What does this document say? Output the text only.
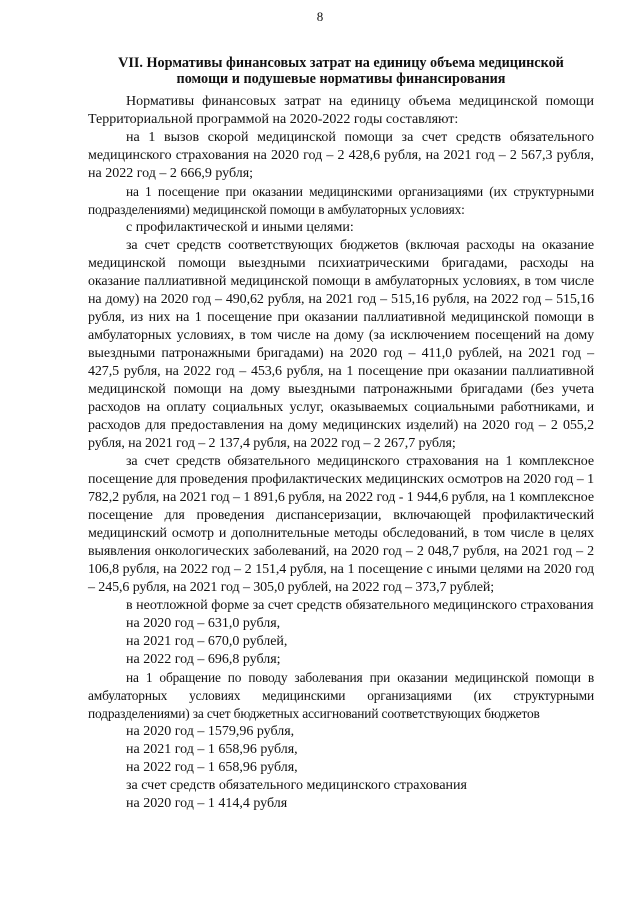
8
VII. Нормативы финансовых затрат на единицу объема медицинской
помощи и подушевые нормативы финансирования

Нормативы финансовых затрат на единицу объема медицинской помощи Территориальной программой на 2020-2022 годы составляют:

на 1 вызов скорой медицинской помощи за счет средств обязательного медицинского страхования на 2020 год – 2 428,6 рубля, на 2021 год – 2 567,3 рубля, на 2022 год – 2 666,9 рубля;

на 1 посещение при оказании медицинскими организациями (их структурными подразделениями) медицинской помощи в амбулаторных условиях:

с профилактической и иными целями:

за счет средств соответствующих бюджетов (включая расходы на оказание медицинской помощи выездными психиатрическими бригадами, расходы на оказание паллиативной медицинской помощи в амбулаторных условиях, в том числе на дому) на 2020 год – 490,62 рубля, на 2021 год – 515,16 рубля, на 2022 год – 515,16 рубля, из них на 1 посещение при оказании паллиативной медицинской помощи в амбулаторных условиях, в том числе на дому (за исключением посещений на дому выездными патронажными бригадами) на 2020 год – 411,0 рублей, на 2021 год – 427,5 рубля, на 2022 год – 453,6 рубля, на 1 посещение при оказании паллиативной медицинской помощи на дому выездными патронажными бригадами (без учета расходов на оплату социальных услуг, оказываемых социальными работниками, и расходов для предоставления на дому медицинских изделий) на 2020 год – 2 055,2 рубля, на 2021 год – 2 137,4 рубля, на 2022 год – 2 267,7 рубля;

за счет средств обязательного медицинского страхования на 1 комплексное посещение для проведения профилактических медицинских осмотров на 2020 год – 1 782,2 рубля, на 2021 год – 1 891,6 рубля, на 2022 год - 1 944,6 рубля, на 1 комплексное посещение для проведения диспансеризации, включающей профилактический медицинский осмотр и дополнительные методы обследований, в том числе в целях выявления онкологических заболеваний, на 2020 год – 2 048,7 рубля, на 2021 год – 2 106,8 рубля, на 2022 год – 2 151,4 рубля, на 1 посещение с иными целями на 2020 год – 245,6 рубля, на 2021 год – 305,0 рублей, на 2022 год – 373,7 рублей;

в неотложной форме за счет средств обязательного медицинского страхования

на 2020 год – 631,0 рубля,

на 2021 год – 670,0 рублей,

на 2022 год – 696,8 рубля;

на 1 обращение по поводу заболевания при оказании медицинской помощи в амбулаторных условиях медицинскими организациями (их структурными подразделениями) за счет бюджетных ассигнований соответствующих бюджетов

на 2020 год – 1579,96 рубля,

на 2021 год – 1 658,96 рубля,

на 2022 год – 1 658,96 рубля,

за счет средств обязательного медицинского страхования

на 2020 год – 1 414,4 рубля
